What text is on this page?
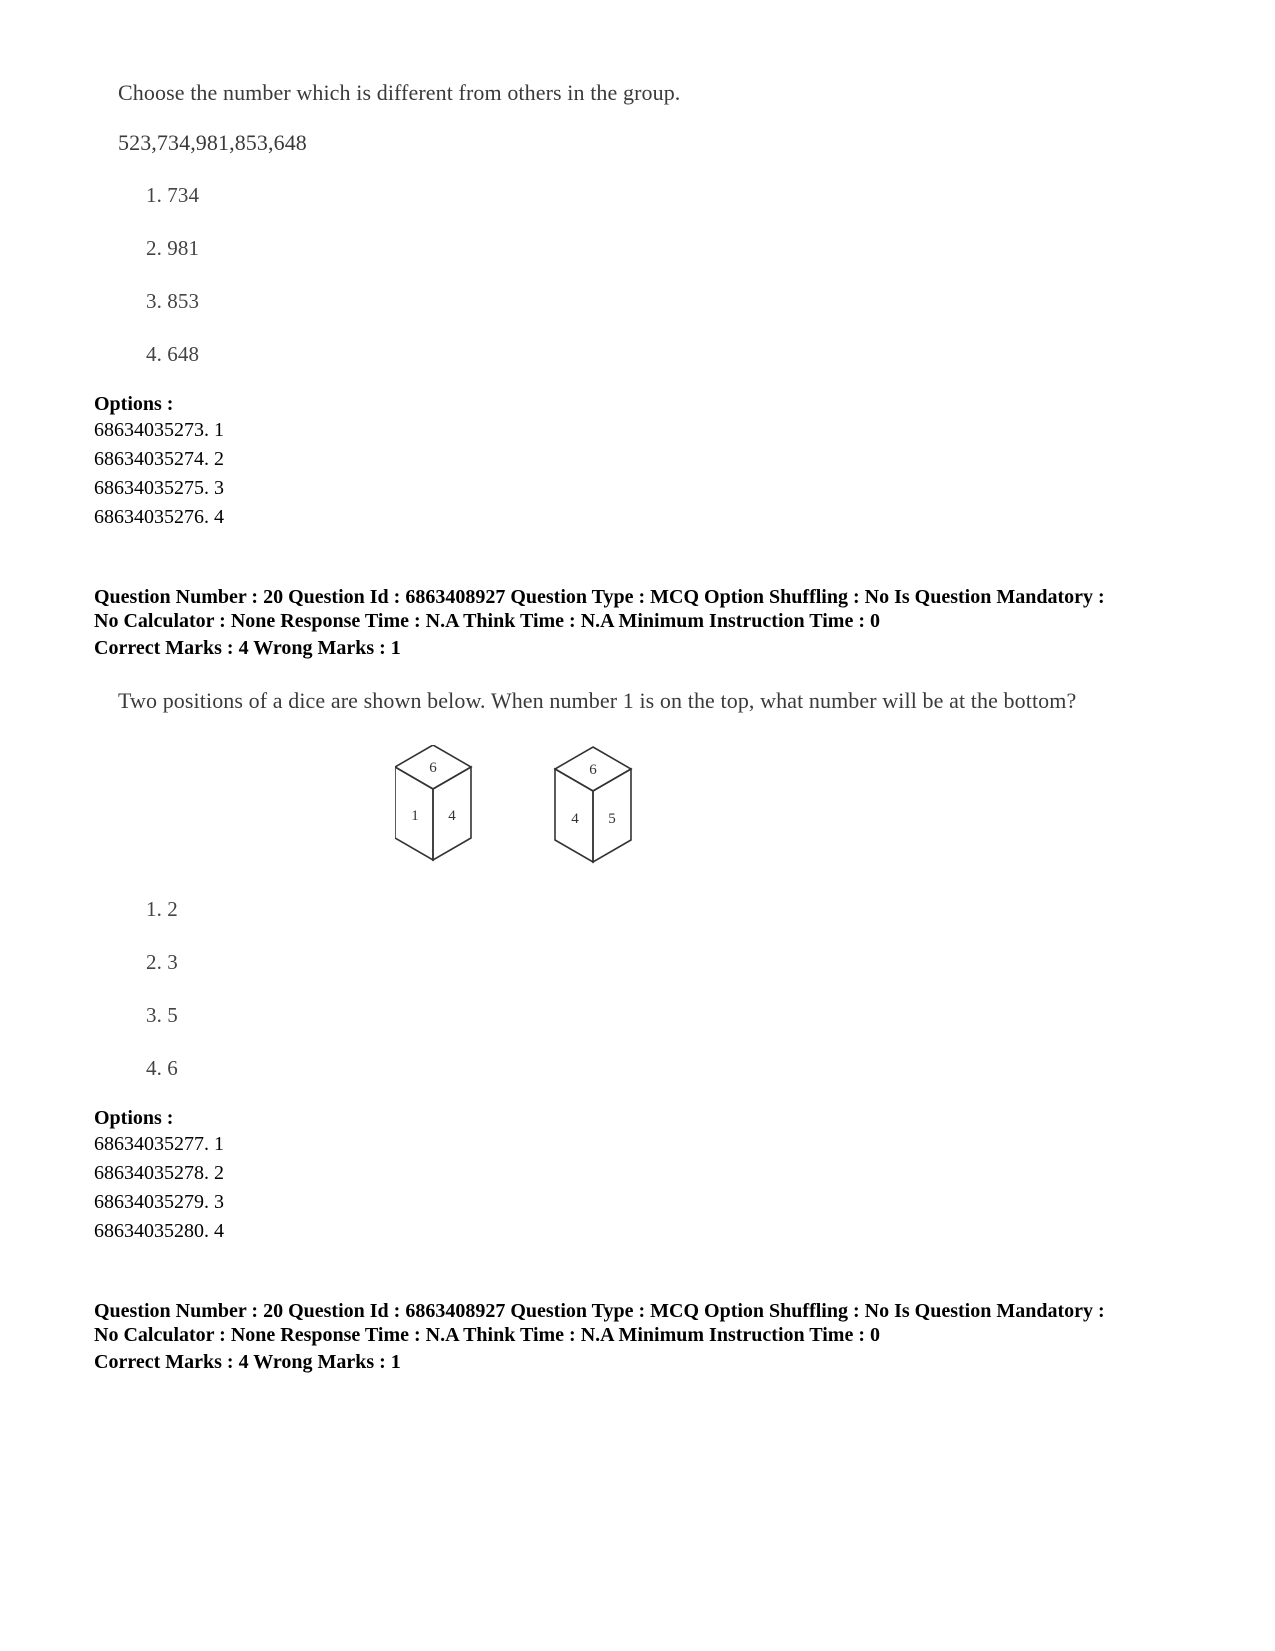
Choose the number which is different from others in the group.
523,734,981,853,648
1. 734
2. 981
3. 853
4. 648
Options :
68634035273. 1
68634035274. 2
68634035275. 3
68634035276. 4
Question Number : 20 Question Id : 6863408927 Question Type : MCQ Option Shuffling : No Is Question Mandatory :
No Calculator : None Response Time : N.A Think Time : N.A Minimum Instruction Time : 0
Correct Marks : 4 Wrong Marks : 1
Two positions of a dice are shown below. When number 1 is on the top, what number will be at the bottom?
6
1 4
6
4 5
1. 2
2. 3
3. 5
4. 6
Options :
68634035277. 1
68634035278. 2
68634035279. 3
68634035280. 4
Question Number : 20 Question Id : 6863408927 Question Type : MCQ Option Shuffling : No Is Question Mandatory :
No Calculator : None Response Time : N.A Think Time : N.A Minimum Instruction Time : 0
Correct Marks : 4 Wrong Marks : 1
